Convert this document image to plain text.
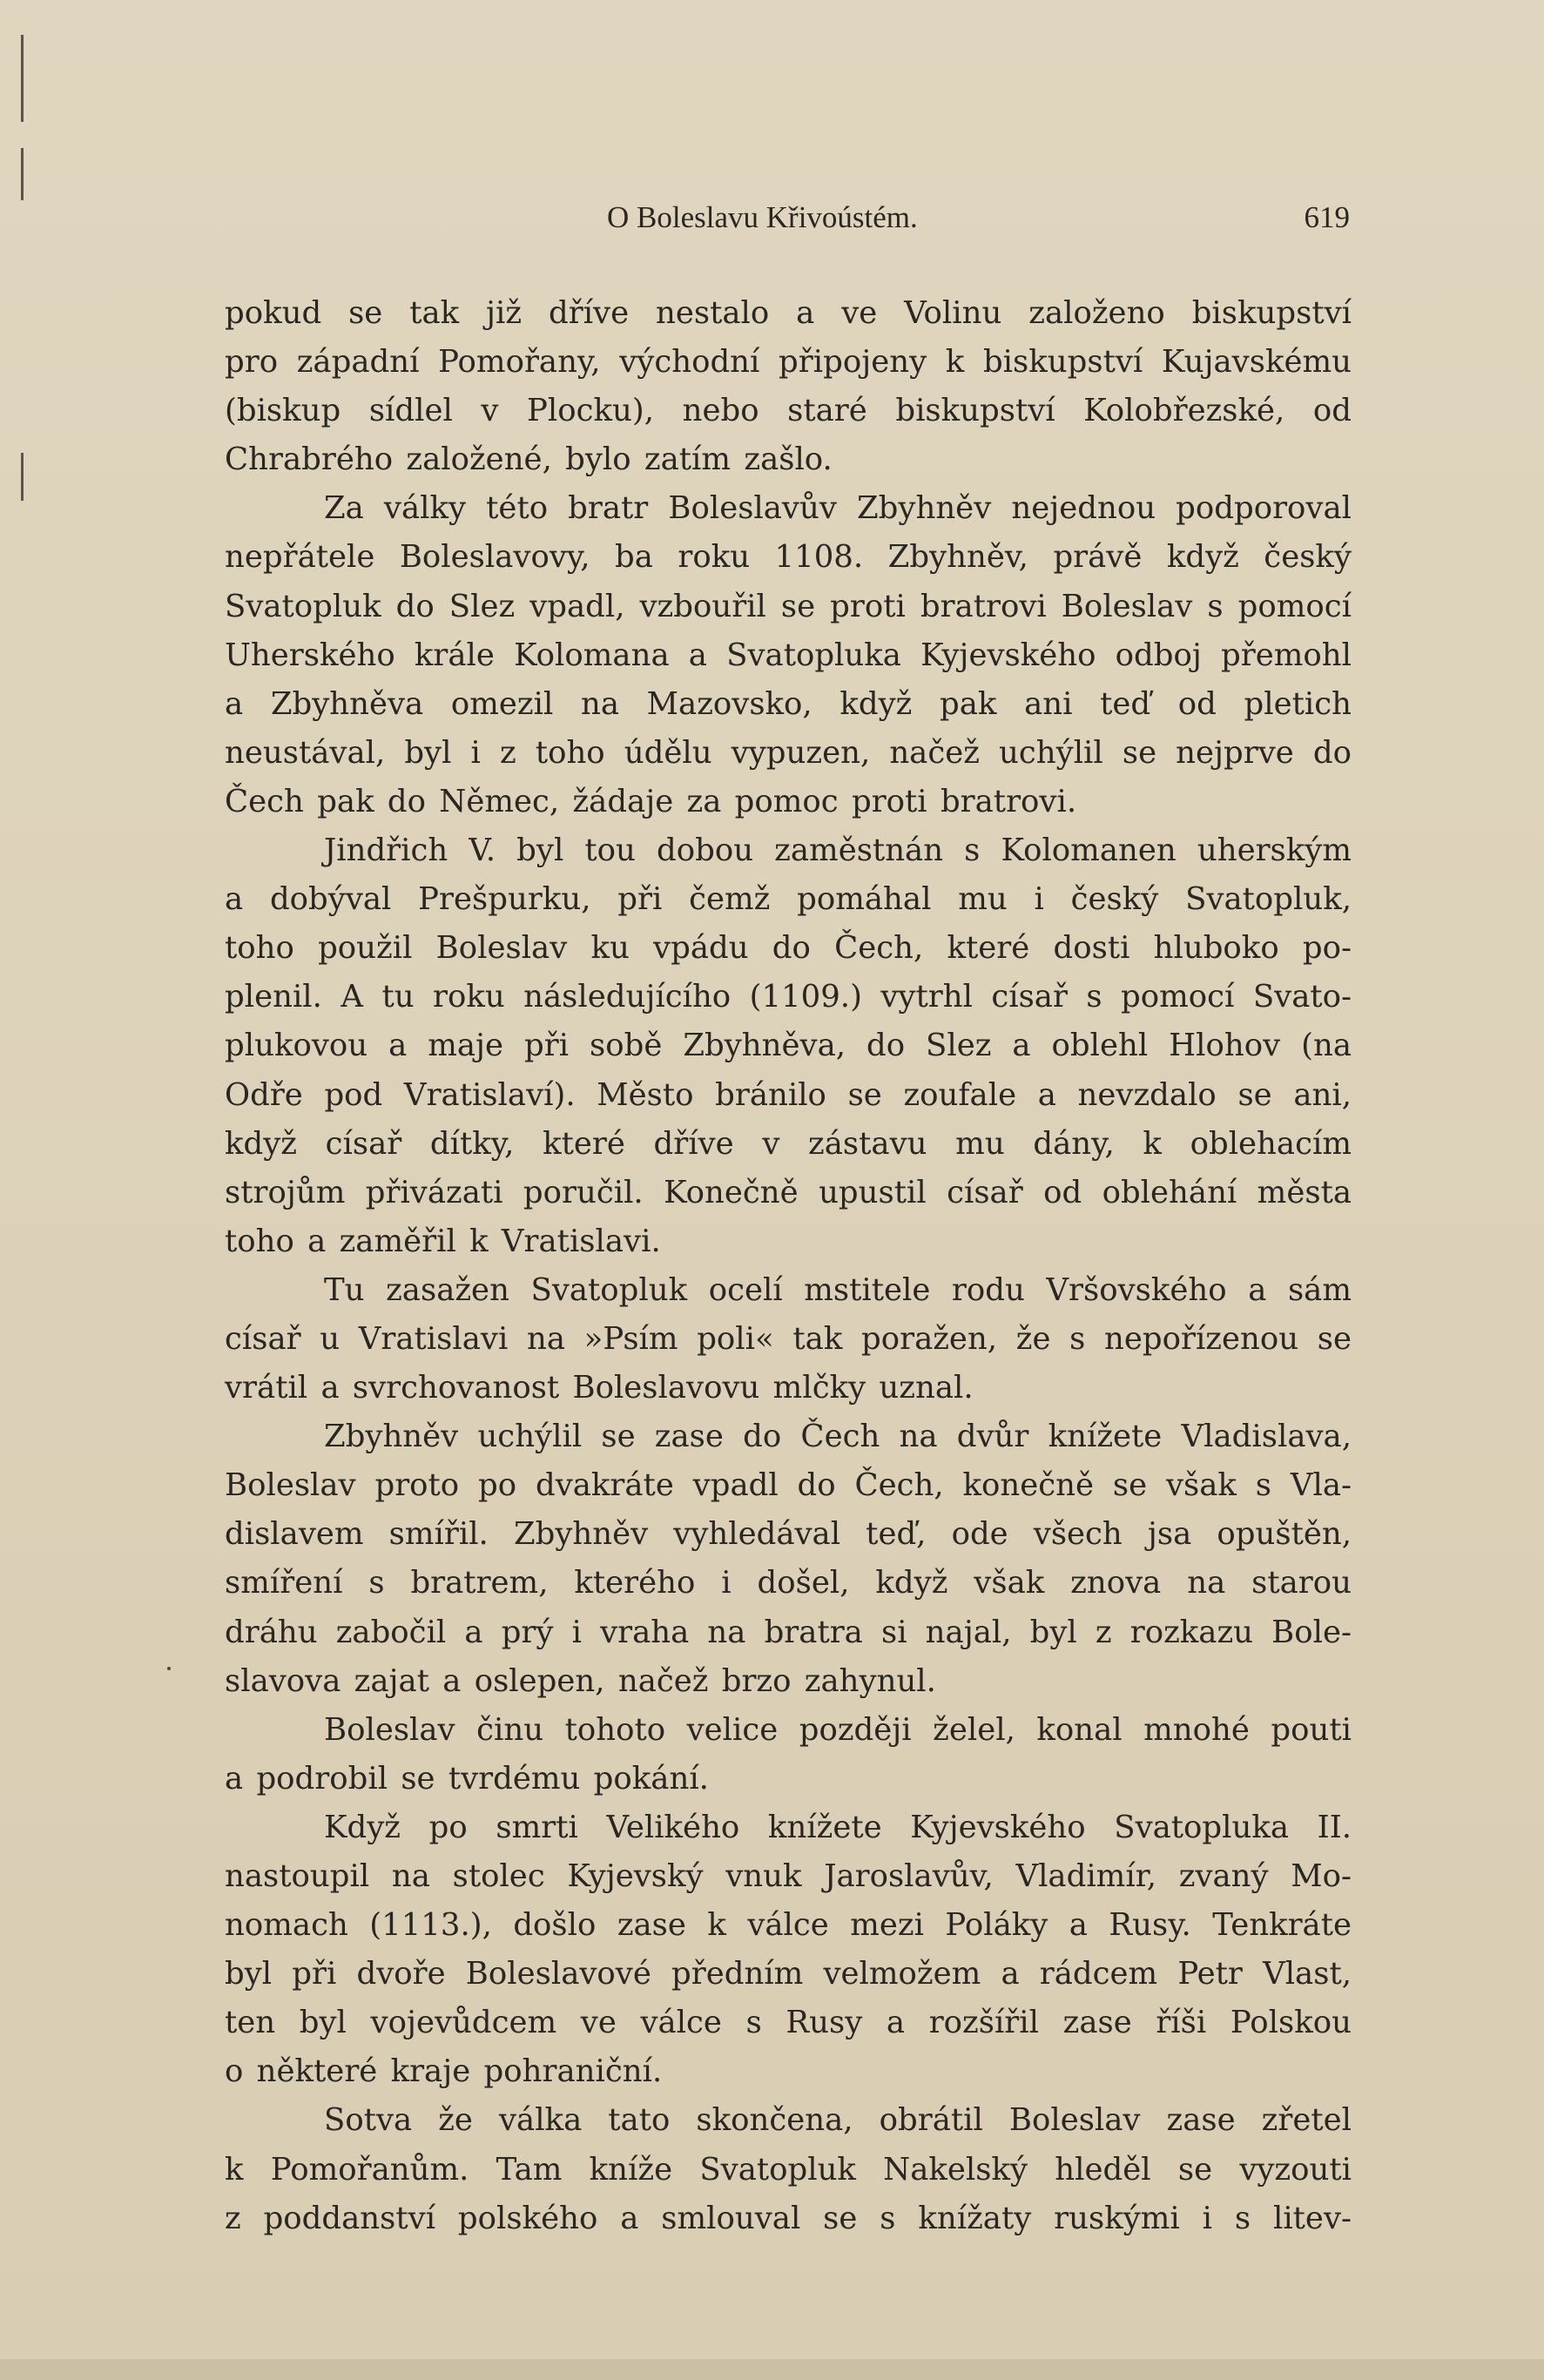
O Boleslavu Křivoústém.	619
pokud se tak již dříve nestalo a ve Volinu založeno biskupství
pro západní Pomořany, východní připojeny k biskupství Kujavskému
(biskup sídlel v Plocku), nebo staré biskupství Kolobřezské, od
Chrabrého založené, bylo zatím zašlo.
Za války této bratr Boleslavův Zbyhněv nejednou podporoval
nepřátele Boleslavovy, ba roku 1108. Zbyhněv, právě když český
Svatopluk do Slez vpadl, vzbouřil se proti bratrovi Boleslav s pomocí
Uherského krále Kolomana a Svatopluka Kyjevského odboj přemohl
a Zbyhněva omezil na Mazovsko, když pak ani teď od pletich
neustával, byl i z toho údělu vypuzen, načež uchýlil se nejprve do
Čech pak do Němec, žádaje za pomoc proti bratrovi.
Jindřich V. byl tou dobou zaměstnán s Kolomanen uherským
a dobýval Prešpurku, při čemž pomáhal mu i český Svatopluk,
toho použil Boleslav ku vpádu do Čech, které dosti hluboko po-
plenil. A tu roku následujícího (1109.) vytrhl císař s pomocí Svato-
plukovou a maje při sobě Zbyhněva, do Slez a oblehl Hlohov (na
Odře pod Vratislaví). Město bránilo se zoufale a nevzdalo se ani,
když císař dítky, které dříve v zástavu mu dány, k oblehacím
strojům přivázati poručil. Konečně upustil císař od oblehání města
toho a zaměřil k Vratislavi.
Tu zasažen Svatopluk ocelí mstitele rodu Vršovského a sám
císař u Vratislavi na »Psím poli« tak poražen, že s nepořízenou se
vrátil a svrchovanost Boleslavovu mlčky uznal.
Zbyhněv uchýlil se zase do Čech na dvůr knížete Vladislava,
Boleslav proto po dvakráte vpadl do Čech, konečně se však s Vla-
dislavem smířil. Zbyhněv vyhledával teď, ode všech jsa opuštěn,
smíření s bratrem, kterého i došel, když však znova na starou
dráhu zabočil a prý i vraha na bratra si najal, byl z rozkazu Bole-
slavova zajat a oslepen, načež brzo zahynul.
Boleslav činu tohoto velice později želel, konal mnohé pouti
a podrobil se tvrdému pokání.
Když po smrti Velikého knížete Kyjevského Svatopluka II.
nastoupil na stolec Kyjevský vnuk Jaroslavův, Vladimír, zvaný Mo-
nomach (1113.), došlo zase k válce mezi Poláky a Rusy. Tenkráte
byl při dvoře Boleslavové předním velmožem a rádcem Petr Vlast,
ten byl vojevůdcem ve válce s Rusy a rozšířil zase říši Polskou
o některé kraje pohraniční.
Sotva že válka tato skončena, obrátil Boleslav zase zřetel
k Pomořanům. Tam kníže Svatopluk Nakelský hleděl se vyzouti
z poddanství polského a smlouval se s knížaty ruskými i s litev-
